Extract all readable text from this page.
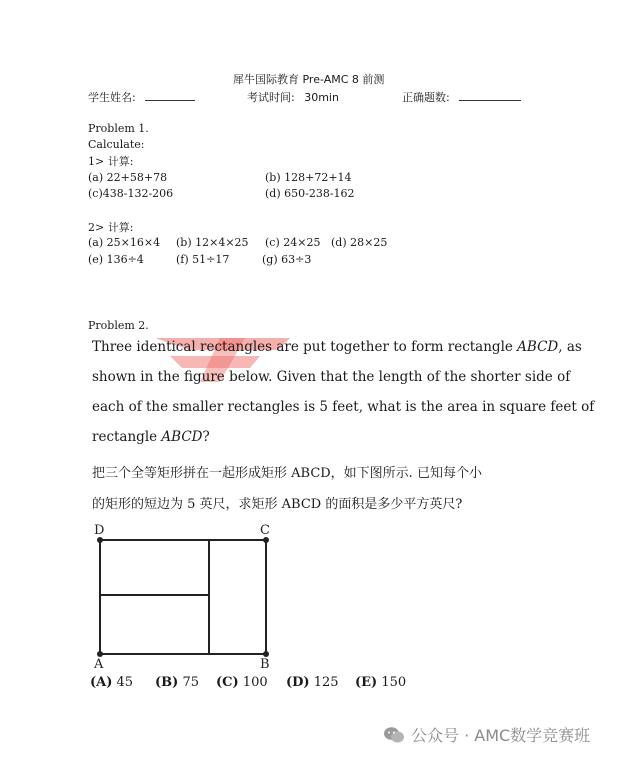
犀牛国际教育 Pre-AMC 8 前测
学生姓名:	考试时间: 30min	正确题数:
Problem 1.
Calculate:
1> 计算:
(a) 22+58+78	(b) 128+72+14
(c)438-132-206	(d) 650-238-162
2> 计算:
(a) 25×16×4 (b) 12×4×25 (c) 24×25 (d) 28×25
(e) 136÷4	(f) 51÷17	(g) 63÷3
Problem 2.
Three identical rectangles are put together to form rectangle ABCD, as
shown in the figure below. Given that the length of the shorter side of
each of the smaller rectangles is 5 feet, what is the area in square feet of
rectangle ABCD?
把三个全等矩形拼在一起形成矩形 ABCD，如下图所示. 已知每个小
的矩形的短边为 5 英尺，求矩形 ABCD 的面积是多少平方英尺?
D	C
A	B
(A) 45 (B) 75 (C) 100 (D) 125 (E) 150
公众号 · AMC数学竞赛班
